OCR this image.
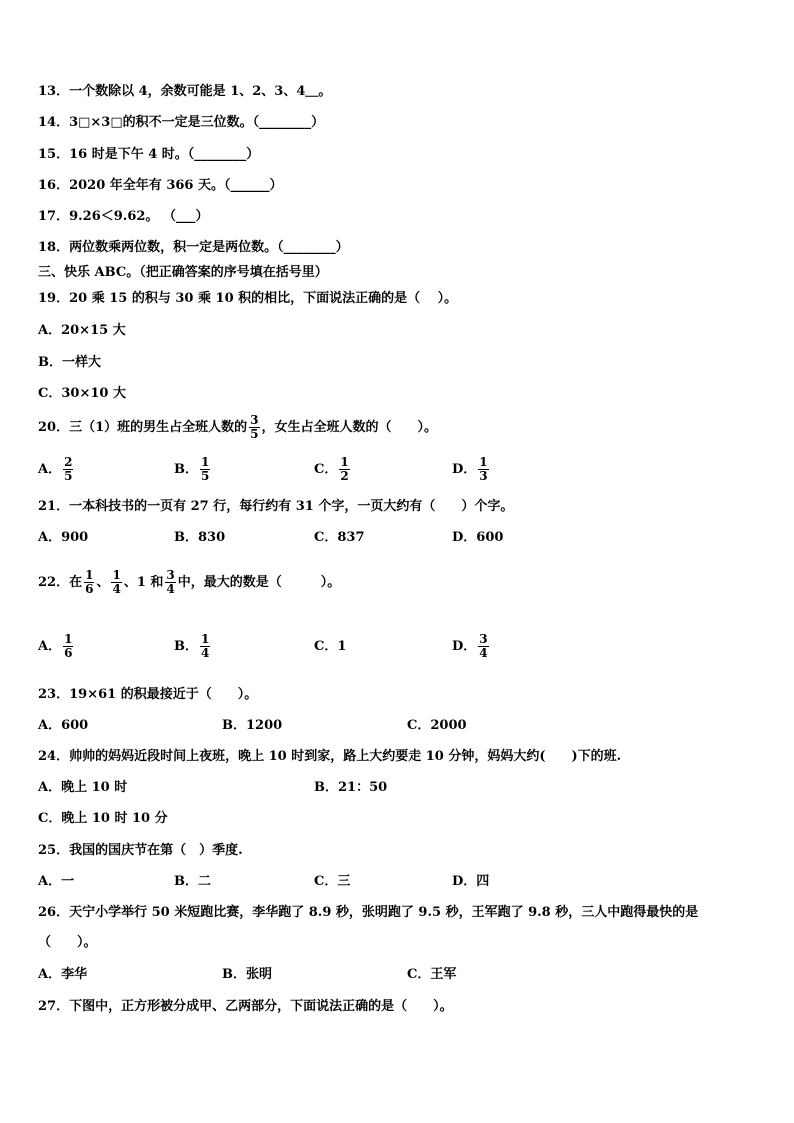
13．一个数除以 4，余数可能是 1、2、3、4＿。
14．3□×3□的积不一定是三位数。（________）
15．16 时是下午 4 时。（________）
16．2020 年全年有 366 天。（______）
17．9.26＜9.62。 （___）
18．两位数乘两位数，积一定是两位数。（________）
三、快乐 ABC。（把正确答案的序号填在括号里）
19．20 乘 15 的积与 30 乘 10 积的相比，下面说法正确的是（　 ）。
A．20×15 大
B．一样大
C．30×10 大
20．三（1）班的男生占全班人数的 $\frac{3}{5}$ ，女生占全班人数的（　　）。
A． $\frac{2}{5}$	B． $\frac{1}{5}$	C． $\frac{1}{2}$	D． $\frac{1}{3}$
21．一本科技书的一页有 27 行，每行约有 31 个字，一页大约有（　　）个字。
A．900	B．830	C．837	D．600
22．在 $\frac{1}{6}$ 、 $\frac{1}{4}$ 、1 和 $\frac{3}{4}$ 中，最大的数是（　　　）。
A． $\frac{1}{6}$	B． $\frac{1}{4}$	C．1	D． $\frac{3}{4}$
23．19×61 的积最接近于（　　）。
A．600	B．1200	C．2000
24．帅帅的妈妈近段时间上夜班，晚上 10 时到家，路上大约要走 10 分钟，妈妈大约(　　)下的班.
A．晚上 10 时	B．21：50
C．晚上 10 时 10 分
25．我国的国庆节在第（　）季度.
A．一	B．二	C．三	D．四
26．天宁小学举行 50 米短跑比赛，李华跑了 8.9 秒，张明跑了 9.5 秒，王军跑了 9.8 秒，三人中跑得最快的是
（　　）。
A．李华	B．张明	C．王军
27．下图中，正方形被分成甲、乙两部分，下面说法正确的是（　　）。
